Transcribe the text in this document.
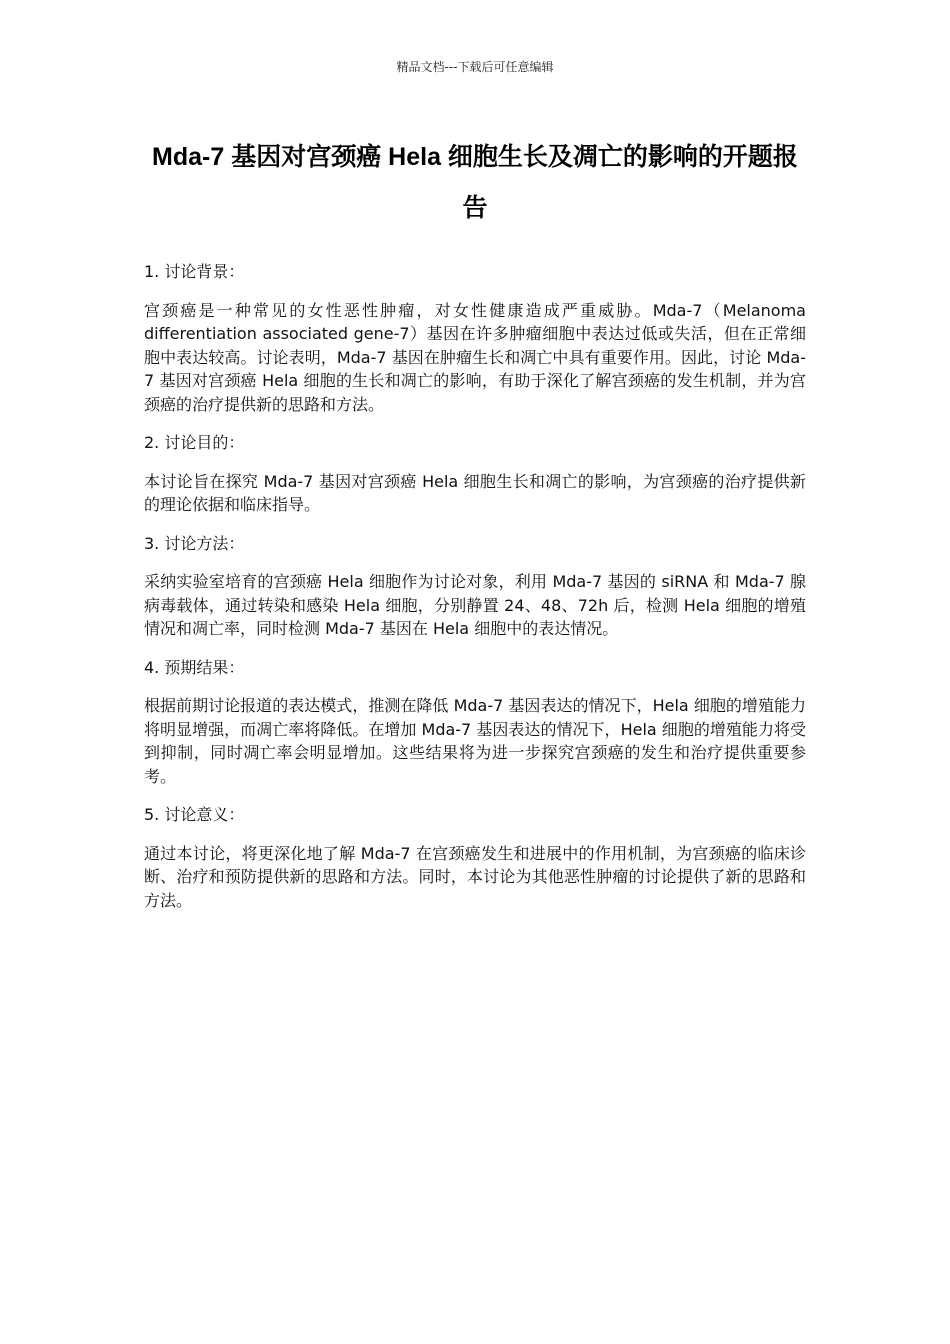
精品文档---下载后可任意编辑
Mda-7 基因对宫颈癌 Hela 细胞生长及凋亡的影响的开题报告

1. 讨论背景：

宫颈癌是一种常见的女性恶性肿瘤，对女性健康造成严重威胁。Mda-7（Melanoma differentiation associated gene-7）基因在许多肿瘤细胞中表达过低或失活，但在正常细胞中表达较高。讨论表明，Mda-7 基因在肿瘤生长和凋亡中具有重要作用。因此，讨论 Mda-7 基因对宫颈癌 Hela 细胞的生长和凋亡的影响，有助于深化了解宫颈癌的发生机制，并为宫颈癌的治疗提供新的思路和方法。

2. 讨论目的：

本讨论旨在探究 Mda-7 基因对宫颈癌 Hela 细胞生长和凋亡的影响，为宫颈癌的治疗提供新的理论依据和临床指导。

3. 讨论方法：

采纳实验室培育的宫颈癌 Hela 细胞作为讨论对象，利用 Mda-7 基因的 siRNA 和 Mda-7 腺病毒载体，通过转染和感染 Hela 细胞，分别静置 24、48、72h 后，检测 Hela 细胞的增殖情况和凋亡率，同时检测 Mda-7 基因在 Hela 细胞中的表达情况。

4. 预期结果：

根据前期讨论报道的表达模式，推测在降低 Mda-7 基因表达的情况下，Hela 细胞的增殖能力将明显增强，而凋亡率将降低。在增加 Mda-7 基因表达的情况下，Hela 细胞的增殖能力将受到抑制，同时凋亡率会明显增加。这些结果将为进一步探究宫颈癌的发生和治疗提供重要参考。

5. 讨论意义：

通过本讨论，将更深化地了解 Mda-7 在宫颈癌发生和进展中的作用机制，为宫颈癌的临床诊断、治疗和预防提供新的思路和方法。同时，本讨论为其他恶性肿瘤的讨论提供了新的思路和方法。
